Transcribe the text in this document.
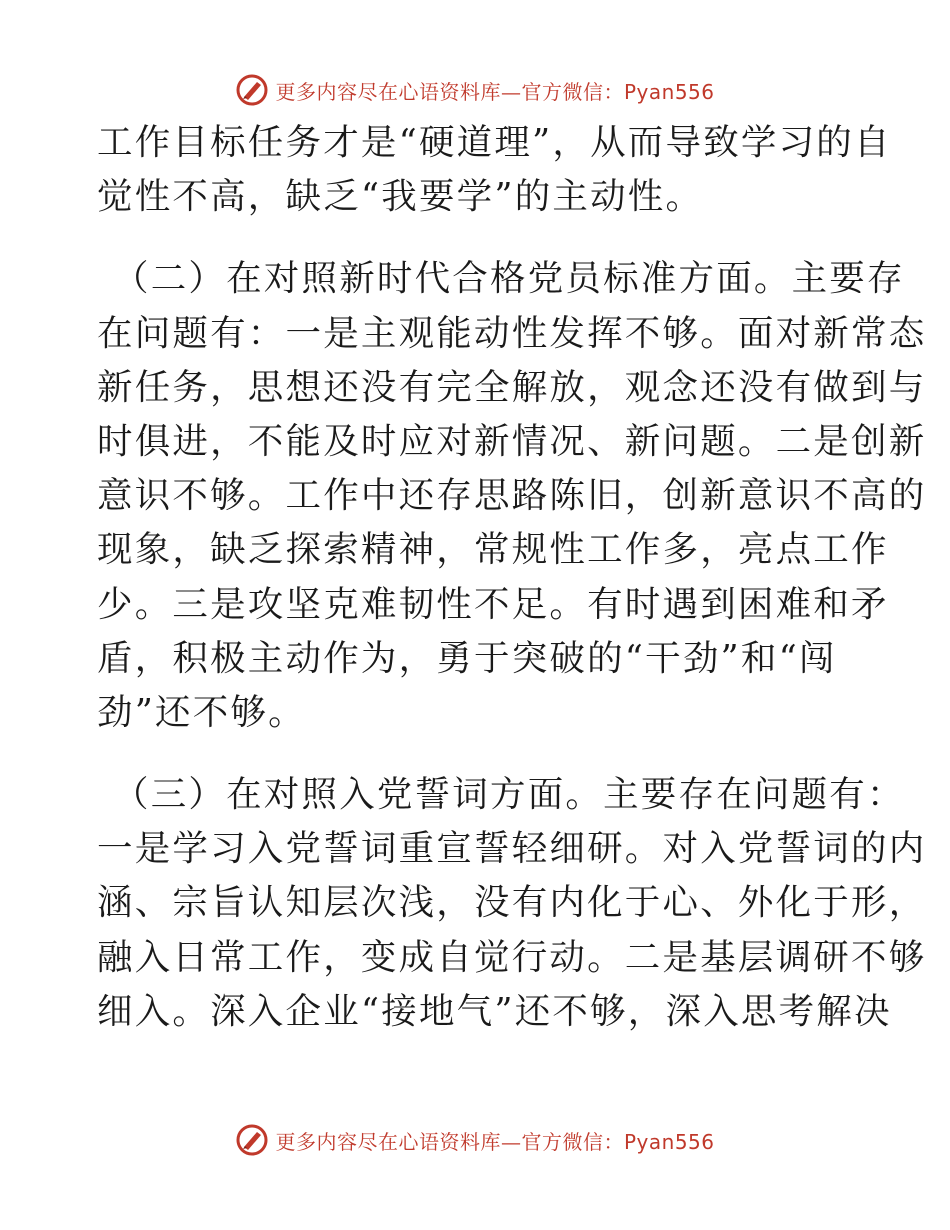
更多内容尽在心语资料库—官方微信：Pyan556
工作目标任务才是“硬道理”，从而导致学习的自
觉性不高，缺乏“我要学”的主动性。
（二）在对照新时代合格党员标准方面。主要存
在问题有：一是主观能动性发挥不够。面对新常态
新任务，思想还没有完全解放，观念还没有做到与
时俱进，不能及时应对新情况、新问题。二是创新
意识不够。工作中还存思路陈旧，创新意识不高的
现象，缺乏探索精神，常规性工作多，亮点工作
少。三是攻坚克难韧性不足。有时遇到困难和矛
盾，积极主动作为，勇于突破的“干劲”和“闯
劲”还不够。
（三）在对照入党誓词方面。主要存在问题有：
一是学习入党誓词重宣誓轻细研。对入党誓词的内
涵、宗旨认知层次浅，没有内化于心、外化于形，
融入日常工作，变成自觉行动。二是基层调研不够
细入。深入企业“接地气”还不够，深入思考解决
更多内容尽在心语资料库—官方微信：Pyan556
